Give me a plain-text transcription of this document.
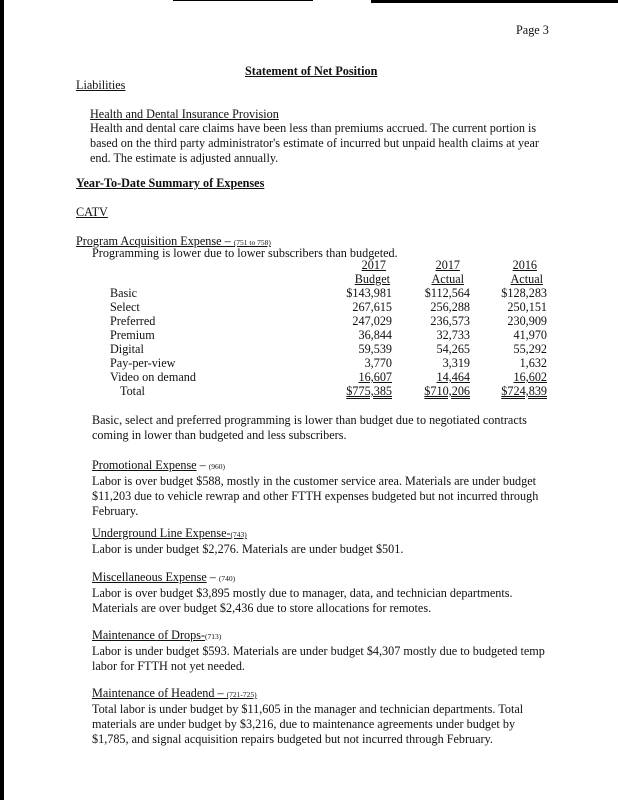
Page 3
Statement of Net Position
Liabilities
Health and Dental Insurance Provision
Health and dental care claims have been less than premiums accrued. The current portion is
based on the third party administrator's estimate of incurred but unpaid health claims at year
end. The estimate is adjusted annually.
Year-To-Date Summary of Expenses
CATV
Program Acquisition Expense – (751 to 758)
Programming is lower due to lower subscribers than budgeted.
	2017	2017	2016
	Budget	Actual	Actual
Basic	$143,981	$112,564	$128,283
Select	267,615	256,288	250,151
Preferred	247,029	236,573	230,909
Premium	36,844	32,733	41,970
Digital	59,539	54,265	55,292
Pay-per-view	3,770	3,319	1,632
Video on demand	16,607	14,464	16,602
Total	$775,385	$710,206	$724,839
Basic, select and preferred programming is lower than budget due to negotiated contracts
coming in lower than budgeted and less subscribers.
Promotional Expense – (960)
Labor is over budget $588, mostly in the customer service area. Materials are under budget
$11,203 due to vehicle rewrap and other FTTH expenses budgeted but not incurred through
February.
Underground Line Expense-(743)
Labor is under budget $2,276. Materials are under budget $501.
Miscellaneous Expense – (740)
Labor is over budget $3,895 mostly due to manager, data, and technician departments.
Materials are over budget $2,436 due to store allocations for remotes.
Maintenance of Drops-(713)
Labor is under budget $593. Materials are under budget $4,307 mostly due to budgeted temp
labor for FTTH not yet needed.
Maintenance of Headend – (721-725)
Total labor is under budget by $11,605 in the manager and technician departments. Total
materials are under budget by $3,216, due to maintenance agreements under budget by
$1,785, and signal acquisition repairs budgeted but not incurred through February.
